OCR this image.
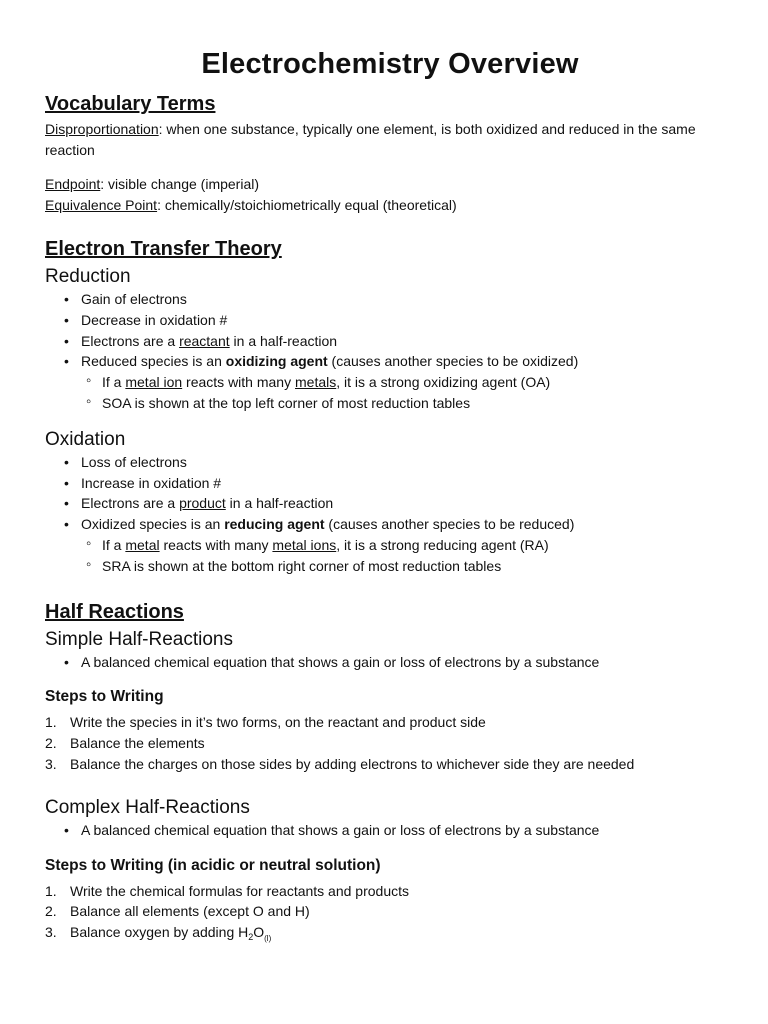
Electrochemistry Overview
Vocabulary Terms

Disproportionation: when one substance, typically one element, is both oxidized and reduced in the same reaction

Endpoint: visible change (imperial)

Equivalence Point: chemically/stoichiometrically equal (theoretical)

Electron Transfer Theory
Reduction
• Gain of electrons
• Decrease in oxidation #
• Electrons are a reactant in a half-reaction
• Reduced species is an oxidizing agent (causes another species to be oxidized)
◦ If a metal ion reacts with many metals, it is a strong oxidizing agent (OA)
◦ SOA is shown at the top left corner of most reduction tables
Oxidation
• Loss of electrons
• Increase in oxidation #
• Electrons are a product in a half-reaction
• Oxidized species is an reducing agent (causes another species to be reduced)
◦ If a metal reacts with many metal ions, it is a strong reducing agent (RA)
◦ SRA is shown at the bottom right corner of most reduction tables
Half Reactions
Simple Half-Reactions
• A balanced chemical equation that shows a gain or loss of electrons by a substance
Steps to Writing
1. Write the species in it’s two forms, on the reactant and product side
2. Balance the elements
3. Balance the charges on those sides by adding electrons to whichever side they are needed
Complex Half-Reactions
• A balanced chemical equation that shows a gain or loss of electrons by a substance
Steps to Writing (in acidic or neutral solution)
1. Write the chemical formulas for reactants and products
2. Balance all elements (except O and H)
3. Balance oxygen by adding $H_2O_{(l)}$
